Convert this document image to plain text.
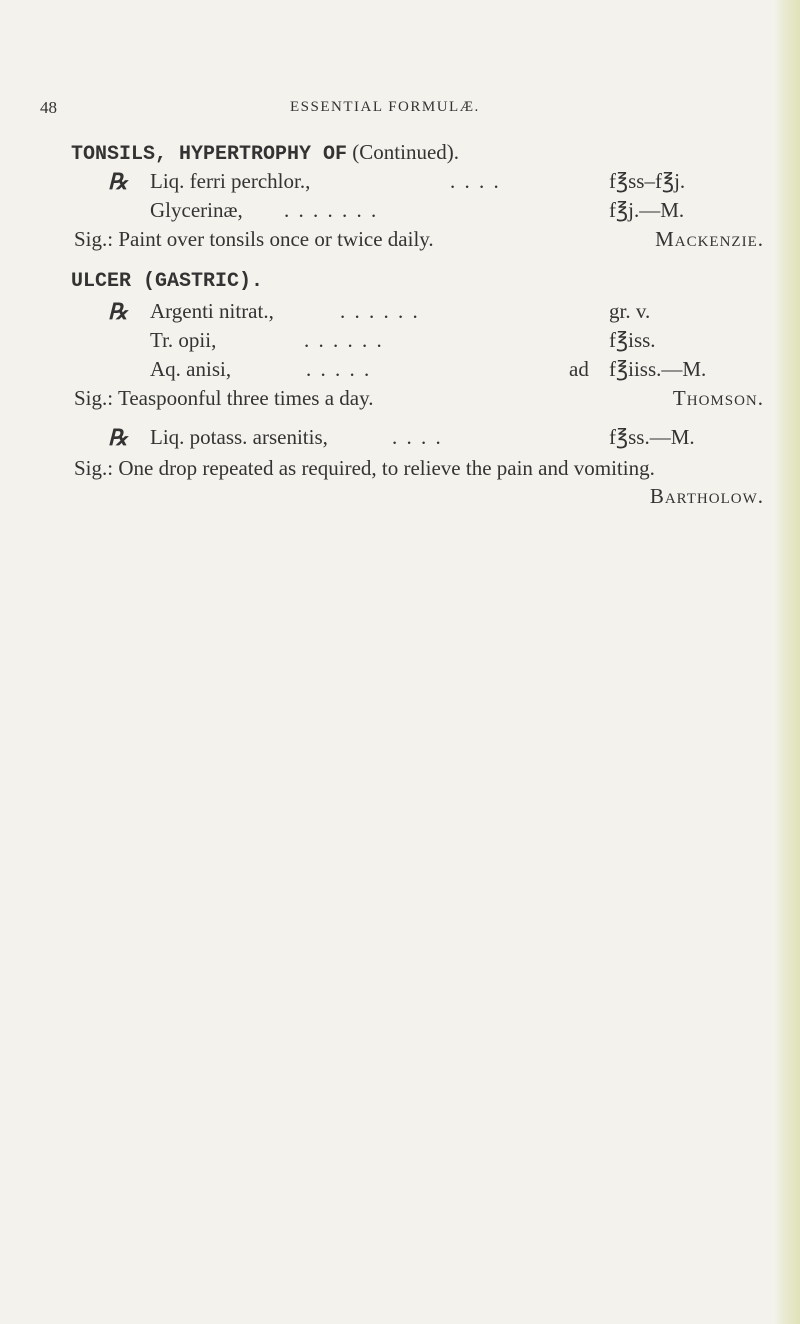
48	ESSENTIAL FORMULÆ.
TONSILS, HYPERTROPHY OF (Continued).
℞ Liq. ferri perchlor.,	. . . .	f℥ss–f℥j.
Glycerinæ, . . . . . . .	f℥j.—M.
Sig.: Paint over tonsils once or twice daily.	Mackenzie.
ULCER (GASTRIC).
℞ Argenti nitrat.,	. . . . . .	gr. v.
Tr. opii,	. . . . . .	f℥iss.
Aq. anisi,	. . . . .	ad f℥iiss.—M.
Sig.: Teaspoonful three times a day.	Thomson.
℞ Liq. potass. arsenitis,	. . . .	f℥ss.—M.
Sig.: One drop repeated as required, to relieve the pain and vomiting.
Bartholow.
